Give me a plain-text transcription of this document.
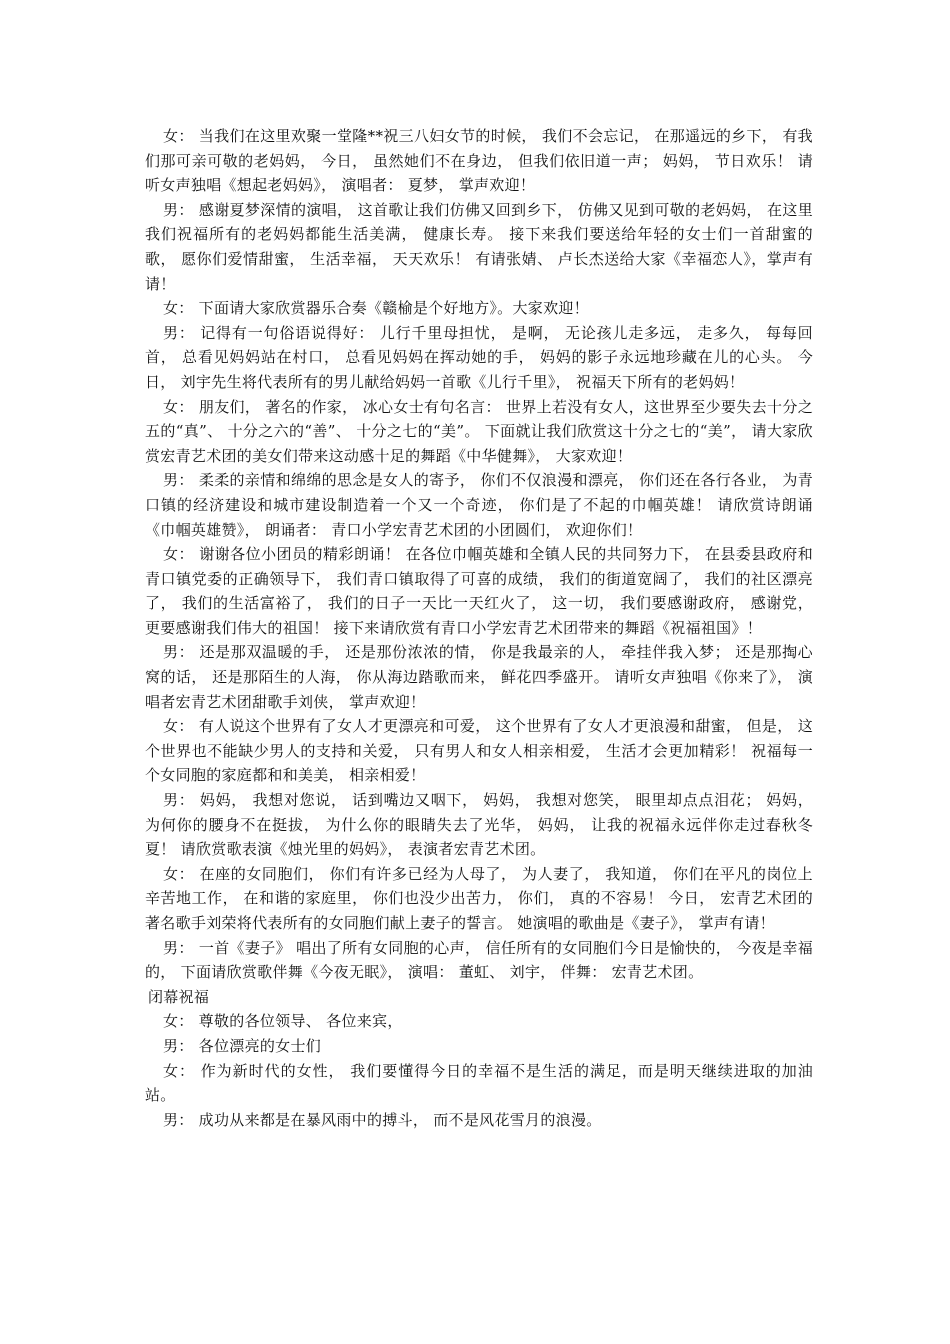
女： 当我们在这里欢聚一堂隆**祝三八妇女节的时候， 我们不会忘记， 在那遥远的乡下， 有我们那可亲可敬的老妈妈， 今日， 虽然她们不在身边， 但我们依旧道一声； 妈妈， 节日欢乐！ 请听女声独唱《想起老妈妈》， 演唱者： 夏梦， 掌声欢迎！

男： 感谢夏梦深情的演唱， 这首歌让我们仿佛又回到乡下， 仿佛又见到可敬的老妈妈， 在这里我们祝福所有的老妈妈都能生活美满， 健康长寿。 接下来我们要送给年轻的女士们一首甜蜜的歌， 愿你们爱情甜蜜， 生活幸福， 天天欢乐！ 有请张婧、 卢长杰送给大家《幸福恋人》，掌声有请！

女： 下面请大家欣赏器乐合奏《赣榆是个好地方》。大家欢迎！

男： 记得有一句俗语说得好： 儿行千里母担忧， 是啊， 无论孩儿走多远， 走多久， 每每回首， 总看见妈妈站在村口， 总看见妈妈在挥动她的手， 妈妈的影子永远地珍藏在儿的心头。 今日， 刘宇先生将代表所有的男儿献给妈妈一首歌《儿行千里》， 祝福天下所有的老妈妈！

女： 朋友们， 著名的作家， 冰心女士有句名言： 世界上若没有女人，这世界至少要失去十分之五的“真”、 十分之六的“善”、 十分之七的“美”。 下面就让我们欣赏这十分之七的“美”， 请大家欣赏宏青艺术团的美女们带来这动感十足的舞蹈《中华健舞》， 大家欢迎！

男： 柔柔的亲情和绵绵的思念是女人的寄予， 你们不仅浪漫和漂亮， 你们还在各行各业， 为青口镇的经济建设和城市建设制造着一个又一个奇迹， 你们是了不起的巾帼英雄！ 请欣赏诗朗诵《巾帼英雄赞》， 朗诵者： 青口小学宏青艺术团的小团圆们， 欢迎你们！

女： 谢谢各位小团员的精彩朗诵！ 在各位巾帼英雄和全镇人民的共同努力下， 在县委县政府和青口镇党委的正确领导下， 我们青口镇取得了可喜的成绩， 我们的街道宽阔了， 我们的社区漂亮了， 我们的生活富裕了， 我们的日子一天比一天红火了， 这一切， 我们要感谢政府， 感谢党， 更要感谢我们伟大的祖国！ 接下来请欣赏有青口小学宏青艺术团带来的舞蹈《祝福祖国》！

男： 还是那双温暖的手， 还是那份浓浓的情， 你是我最亲的人， 牵挂伴我入梦； 还是那掏心窝的话， 还是那陌生的人海， 你从海边踏歌而来， 鲜花四季盛开。 请听女声独唱《你来了》， 演唱者宏青艺术团甜歌手刘侠， 掌声欢迎！

女： 有人说这个世界有了女人才更漂亮和可爱， 这个世界有了女人才更浪漫和甜蜜， 但是， 这个世界也不能缺少男人的支持和关爱， 只有男人和女人相亲相爱， 生活才会更加精彩！ 祝福每一个女同胞的家庭都和和美美， 相亲相爱！

男： 妈妈， 我想对您说， 话到嘴边又咽下， 妈妈， 我想对您笑， 眼里却点点泪花； 妈妈， 为何你的腰身不在挺拔， 为什么你的眼睛失去了光华， 妈妈， 让我的祝福永远伴你走过春秋冬夏！ 请欣赏歌表演《烛光里的妈妈》， 表演者宏青艺术团。

女： 在座的女同胞们， 你们有许多已经为人母了， 为人妻了， 我知道， 你们在平凡的岗位上辛苦地工作， 在和谐的家庭里， 你们也没少出苦力， 你们， 真的不容易！ 今日， 宏青艺术团的著名歌手刘荣将代表所有的女同胞们献上妻子的誓言。 她演唱的歌曲是《妻子》， 掌声有请！

男： 一首《妻子》 唱出了所有女同胞的心声， 信任所有的女同胞们今日是愉快的， 今夜是幸福的， 下面请欣赏歌伴舞《今夜无眠》， 演唱： 董虹、 刘宇， 伴舞： 宏青艺术团。

闭幕祝福

女： 尊敬的各位领导、 各位来宾，

男： 各位漂亮的女士们

女： 作为新时代的女性， 我们要懂得今日的幸福不是生活的满足，而是明天继续进取的加油站。

男： 成功从来都是在暴风雨中的搏斗， 而不是风花雪月的浪漫。
